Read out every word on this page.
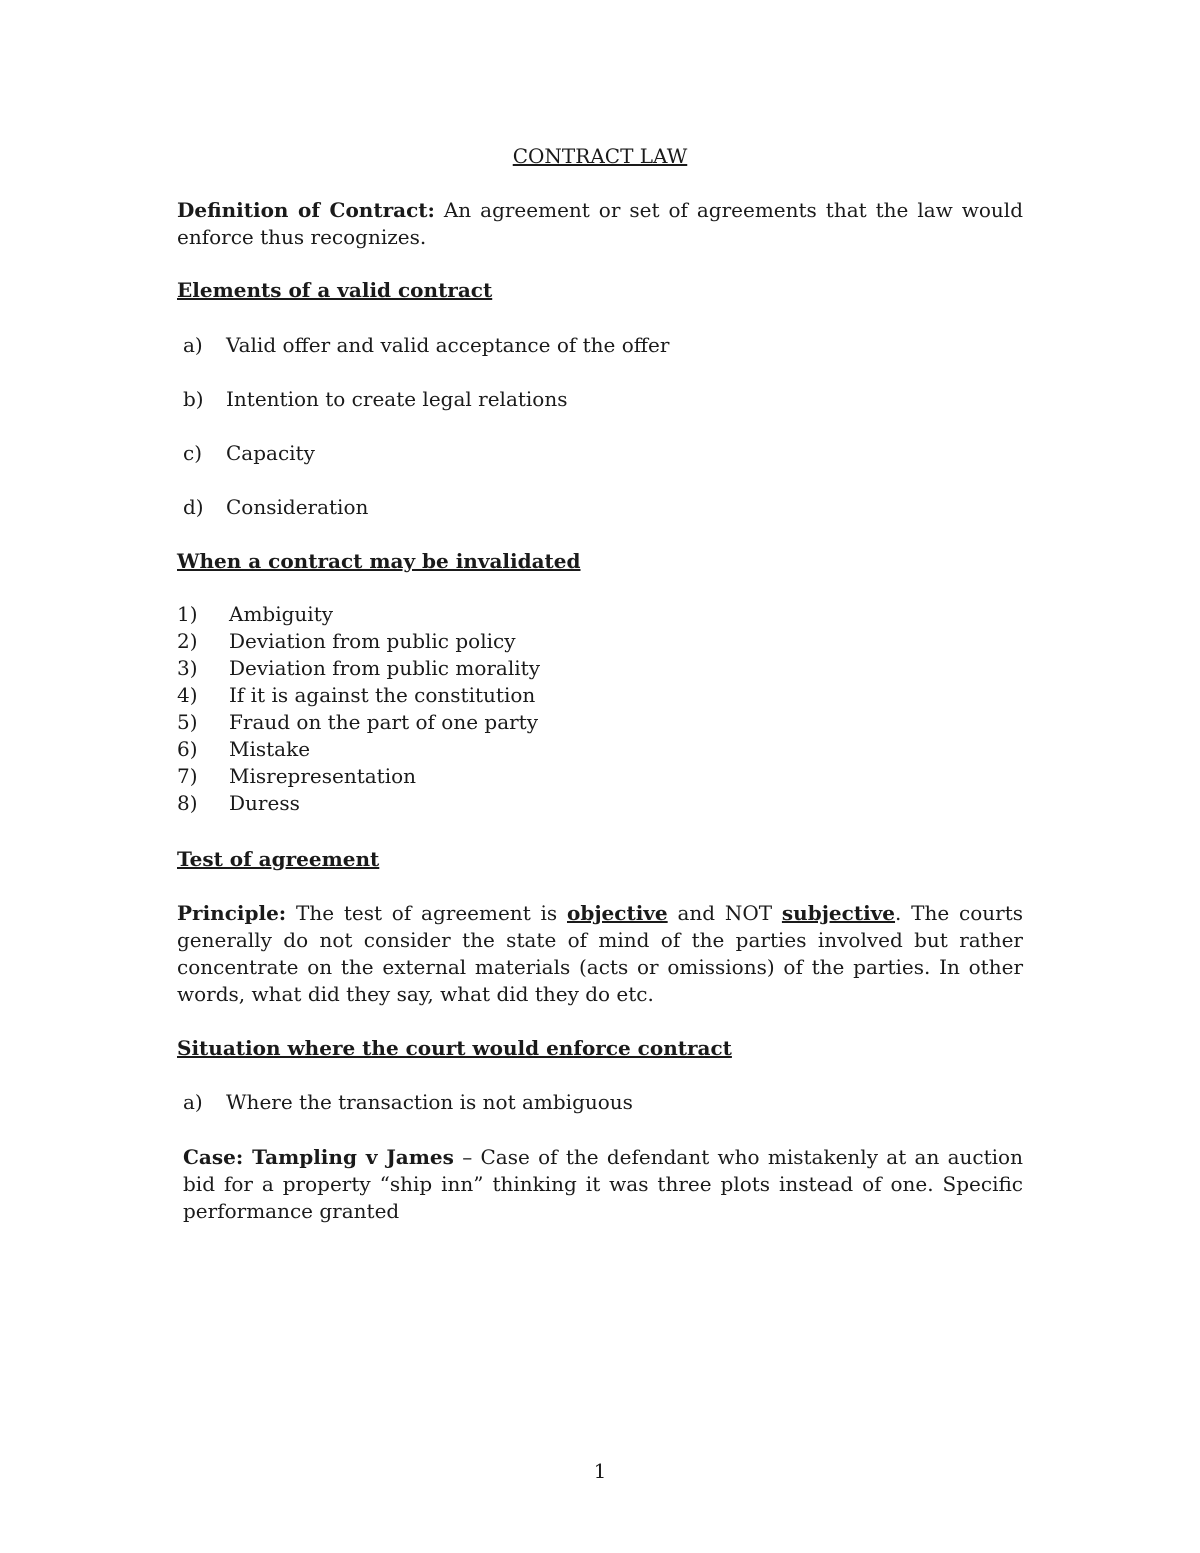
CONTRACT LAW
Definition of Contract: An agreement or set of agreements that the law would enforce thus recognizes.
Elements of a valid contract
a) Valid offer and valid acceptance of the offer
b) Intention to create legal relations
c) Capacity
d) Consideration
When a contract may be invalidated
1) Ambiguity
2) Deviation from public policy
3) Deviation from public morality
4) If it is against the constitution
5) Fraud on the part of one party
6) Mistake
7) Misrepresentation
8) Duress
Test of agreement
Principle: The test of agreement is objective and NOT subjective. The courts generally do not consider the state of mind of the parties involved but rather concentrate on the external materials (acts or omissions) of the parties. In other words, what did they say, what did they do etc.
Situation where the court would enforce contract
a) Where the transaction is not ambiguous
Case: Tampling v James – Case of the defendant who mistakenly at an auction bid for a property “ship inn” thinking it was three plots instead of one. Specific performance granted
1
